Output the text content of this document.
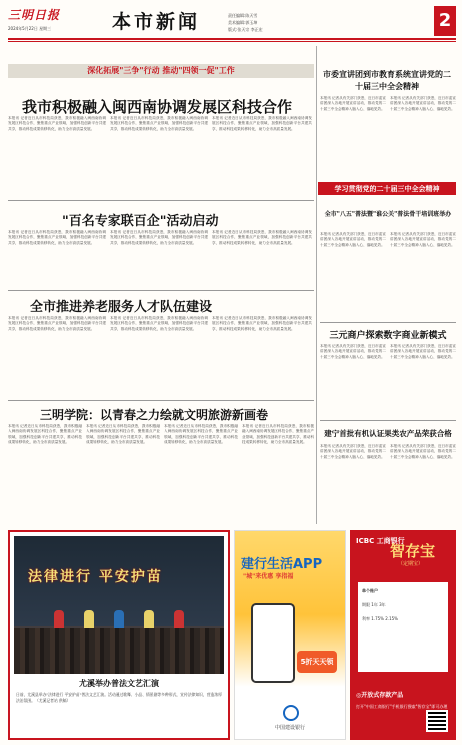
三明日报
2024年5月22日 星期三	本市新闻	责任编辑:陈天雪
美术编辑:郭玉坤
版式:张天宗 李正宏	2
深化拓展"三争"行动 推动"四领一促"工作
我市积极融入闽西南协调发展区科技合作
本报讯 记者近日从市科技局获悉，我市积极融入闽西南协调发展区科技合作，聚焦重点产业领域，加强科技创新平台共建共享，推动科技成果转移转化，助力全市高质量发展。
本报讯 记者近日从市科技局获悉，我市积极融入闽西南协调发展区科技合作，聚焦重点产业领域，加强科技创新平台共建共享，推动科技成果转移转化，助力全市高质量发展。
本报讯 记者近日从市科技局获悉，我市积极融入闽西南协调发展区科技合作，聚焦重点产业领域，加强科技创新平台共建共享，推动科技成果转移转化，助力全市高质量发展。
"百名专家联百企"活动启动
本报讯 记者近日从市科技局获悉，我市积极融入闽西南协调发展区科技合作，聚焦重点产业领域，加强科技创新平台共建共享，推动科技成果转移转化，助力全市高质量发展。
本报讯 记者近日从市科技局获悉，我市积极融入闽西南协调发展区科技合作，聚焦重点产业领域，加强科技创新平台共建共享，推动科技成果转移转化，助力全市高质量发展。
本报讯 记者近日从市科技局获悉，我市积极融入闽西南协调发展区科技合作，聚焦重点产业领域，加强科技创新平台共建共享，推动科技成果转移转化，助力全市高质量发展。
全市推进养老服务人才队伍建设
本报讯 记者近日从市科技局获悉，我市积极融入闽西南协调发展区科技合作，聚焦重点产业领域，加强科技创新平台共建共享，推动科技成果转移转化，助力全市高质量发展。
本报讯 记者近日从市科技局获悉，我市积极融入闽西南协调发展区科技合作，聚焦重点产业领域，加强科技创新平台共建共享，推动科技成果转移转化，助力全市高质量发展。
本报讯 记者近日从市科技局获悉，我市积极融入闽西南协调发展区科技合作，聚焦重点产业领域，加强科技创新平台共建共享，推动科技成果转移转化，助力全市高质量发展。
三明学院：以青春之力绘就文明旅游新画卷
本报讯 记者近日从市科技局获悉，我市积极融入闽西南协调发展区科技合作，聚焦重点产业领域，加强科技创新平台共建共享，推动科技成果转移转化，助力全市高质量发展。
本报讯 记者近日从市科技局获悉，我市积极融入闽西南协调发展区科技合作，聚焦重点产业领域，加强科技创新平台共建共享，推动科技成果转移转化，助力全市高质量发展。
本报讯 记者近日从市科技局获悉，我市积极融入闽西南协调发展区科技合作，聚焦重点产业领域，加强科技创新平台共建共享，推动科技成果转移转化，助力全市高质量发展。
本报讯 记者近日从市科技局获悉，我市积极融入闽西南协调发展区科技合作，聚焦重点产业领域，加强科技创新平台共建共享，推动科技成果转移转化，助力全市高质量发展。
市委宣讲团到市教育系统宣讲党的二十届三中全会精神
本报讯 记者从有关部门获悉，近日市委宣讲团深入各地开展宣讲活动，推动党的二十届三中全会精神入脑入心、落地见效。
本报讯 记者从有关部门获悉，近日市委宣讲团深入各地开展宣讲活动，推动党的二十届三中全会精神入脑入心、落地见效。
学习贯彻党的二十届三中全会精神
全市"八五"普法暨"谁公关"普法骨干培训班举办
本报讯 记者从有关部门获悉，近日市委宣讲团深入各地开展宣讲活动，推动党的二十届三中全会精神入脑入心、落地见效。
本报讯 记者从有关部门获悉，近日市委宣讲团深入各地开展宣讲活动，推动党的二十届三中全会精神入脑入心、落地见效。
三元商户探索数字商业新模式
本报讯 记者从有关部门获悉，近日市委宣讲团深入各地开展宣讲活动，推动党的二十届三中全会精神入脑入心、落地见效。
本报讯 记者从有关部门获悉，近日市委宣讲团深入各地开展宣讲活动，推动党的二十届三中全会精神入脑入心、落地见效。
建宁首批有机认证果类农产品荣获合格
本报讯 记者从有关部门获悉，近日市委宣讲团深入各地开展宣讲活动，推动党的二十届三中全会精神入脑入心、落地见效。
本报讯 记者从有关部门获悉，近日市委宣讲团深入各地开展宣讲活动，推动党的二十届三中全会精神入脑入心、落地见效。
法律进行 平安护苗
尤溪举办普法文艺汇演
日前，尤溪县举办"法律进行 平安护苗"普法文艺汇演。活动通过歌舞、小品、情景剧等多种形式，宣传法律知识，营造浓厚法治氛围。（尤溪记者站 供稿）
建行生活APP
"城"来优惠 享指福
5折天天领
中国建设银行
ICBC 工商银行
智存宝
（定期宝）
单个账户
期限 1年 3年
利率 1.75% 2.15%
◎开放式存款产品
打开"中国工商银行"手机银行搜索"智存宝"即可办理
